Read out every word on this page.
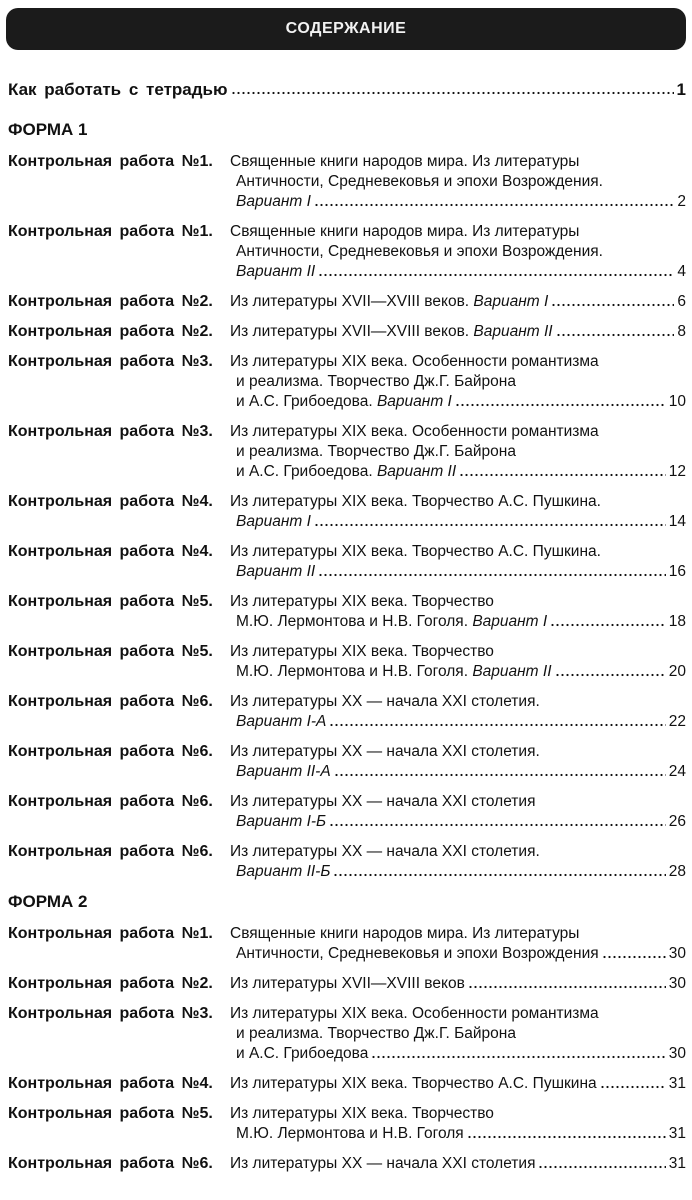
СОДЕРЖАНИЕ
Как работать с тетрадью	1
ФОРМА 1
Контрольная работа №1.	Священные книги народов мира. Из литературы
Античности, Средневековья и эпохи Возрождения.
Вариант I	2
Контрольная работа №1.	Священные книги народов мира. Из литературы
Античности, Средневековья и эпохи Возрождения.
Вариант II	4
Контрольная работа №2.	Из литературы XVII—XVIII веков.
Вариант I	6
Контрольная работа №2.	Из литературы XVII—XVIII веков.
Вариант II	8
Контрольная работа №3.	Из литературы XIX века. Особенности романтизма
и реализма. Творчество Дж.Г. Байрона
и А.С. Грибоедова.
Вариант I	10
Контрольная работа №3.	Из литературы XIX века. Особенности романтизма
и реализма. Творчество Дж.Г. Байрона
и А.С. Грибоедова.
Вариант II	12
Контрольная работа №4.	Из литературы XIX века. Творчество А.С. Пушкина.
Вариант I	14
Контрольная работа №4.	Из литературы XIX века. Творчество А.С. Пушкина.
Вариант II	16
Контрольная работа №5.	Из литературы XIX века. Творчество
М.Ю. Лермонтова и Н.В. Гоголя.
Вариант I	18
Контрольная работа №5.	Из литературы XIX века. Творчество
М.Ю. Лермонтова и Н.В. Гоголя.
Вариант II	20
Контрольная работа №6.	Из литературы XX — начала XXI столетия.
Вариант I-А	22
Контрольная работа №6.	Из литературы XX — начала XXI столетия.
Вариант II-А	24
Контрольная работа №6.	Из литературы XX — начала XXI столетия
Вариант I-Б	26
Контрольная работа №6.	Из литературы XX — начала XXI столетия.
Вариант II-Б	28
ФОРМА 2
Контрольная работа №1.	Священные книги народов мира. Из литературы
Античности, Средневековья и эпохи Возрождения	30
Контрольная работа №2.	Из литературы XVII—XVIII веков	30
Контрольная работа №3.	Из литературы XIX века. Особенности романтизма
и реализма. Творчество Дж.Г. Байрона
и А.С. Грибоедова	30
Контрольная работа №4.	Из литературы XIX века. Творчество А.С. Пушкина	31
Контрольная работа №5.	Из литературы XIX века. Творчество
М.Ю. Лермонтова и Н.В. Гоголя	31
Контрольная работа №6.	Из литературы XX — начала XXI столетия	31
